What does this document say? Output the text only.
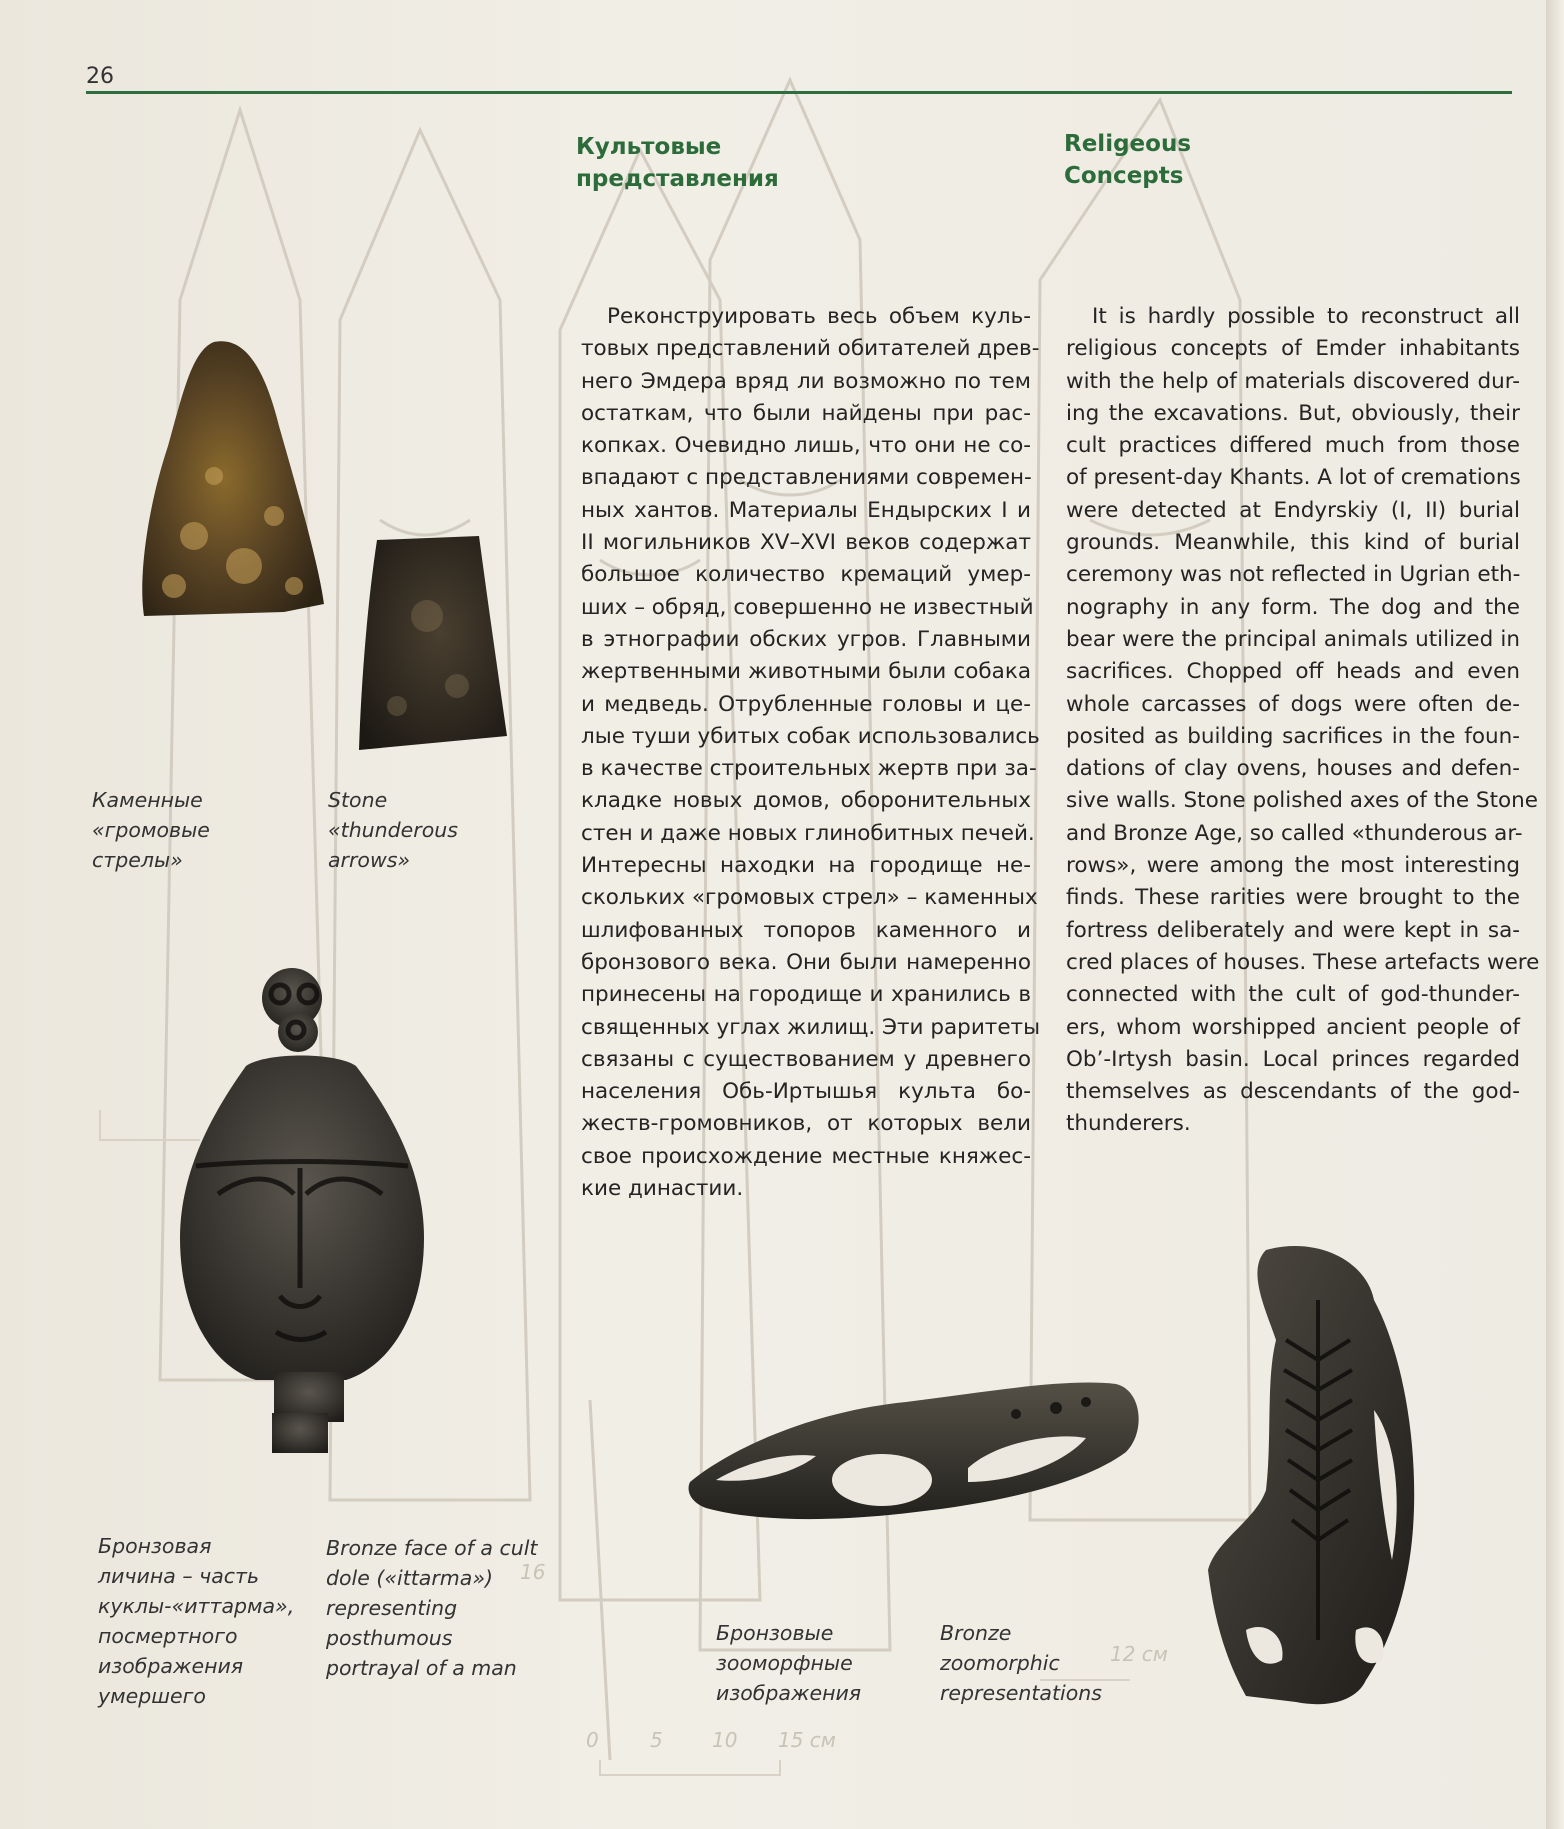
26
Культовые
представления
Реконструировать весь объем куль-
товых представлений обитателей древ-
него Эмдера вряд ли возможно по тем
остаткам, что были найдены при рас-
копках. Очевидно лишь, что они не со-
впадают с представлениями современ-
ных хантов. Материалы Ендырских I и
II могильников XV–XVI веков содержат
большое количество кремаций умер-
ших – обряд, совершенно не известный
в этнографии обских угров. Главными
жертвенными животными были собака
и медведь. Отрубленные головы и це-
лые туши убитых собак использовались
в качестве строительных жертв при за-
кладке новых домов, оборонительных
стен и даже новых глинобитных печей.
Интересны находки на городище не-
скольких «громовых стрел» – каменных
шлифованных топоров каменного и
бронзового века. Они были намеренно
принесены на городище и хранились в
священных углах жилищ. Эти раритеты
связаны с существованием у древнего
населения Обь-Иртышья культа бо-
жеств-громовников, от которых вели
свое происхождение местные княжес-
кие династии.
Religeous
Concepts
It is hardly possible to reconstruct all
religious concepts of Emder inhabitants
with the help of materials discovered dur-
ing the excavations. But, obviously, their
cult practices differed much from those
of present-day Khants. A lot of cremations
were detected at Endyrskiy (I, II) burial
grounds. Meanwhile, this kind of burial
ceremony was not reflected in Ugrian eth-
nography in any form. The dog and the
bear were the principal animals utilized in
sacrifices. Chopped off heads and even
whole carcasses of dogs were often de-
posited as building sacrifices in the foun-
dations of clay ovens, houses and defen-
sive walls. Stone polished axes of the Stone
and Bronze Age, so called «thunderous ar-
rows», were among the most interesting
finds. These rarities were brought to the
fortress deliberately and were kept in sa-
cred places of houses. These artefacts were
connected with the cult of god-thunder-
ers, whom worshipped ancient people of
Ob’-Irtysh basin. Local princes regarded
themselves as descendants of the god-
thunderers.
Каменные
«громовые
стрелы»
Stone
«thunderous
arrows»
Бронзовая
личина – часть
куклы-«иттарма»,
посмертного
изображения
умершего
Bronze face of a cult
dole («ittarma»)
representing
posthumous
portrayal of a man
Бронзовые
зооморфные
изображения
Bronze
zoomorphic
representations
0	5 10 15 см
12 см
16
